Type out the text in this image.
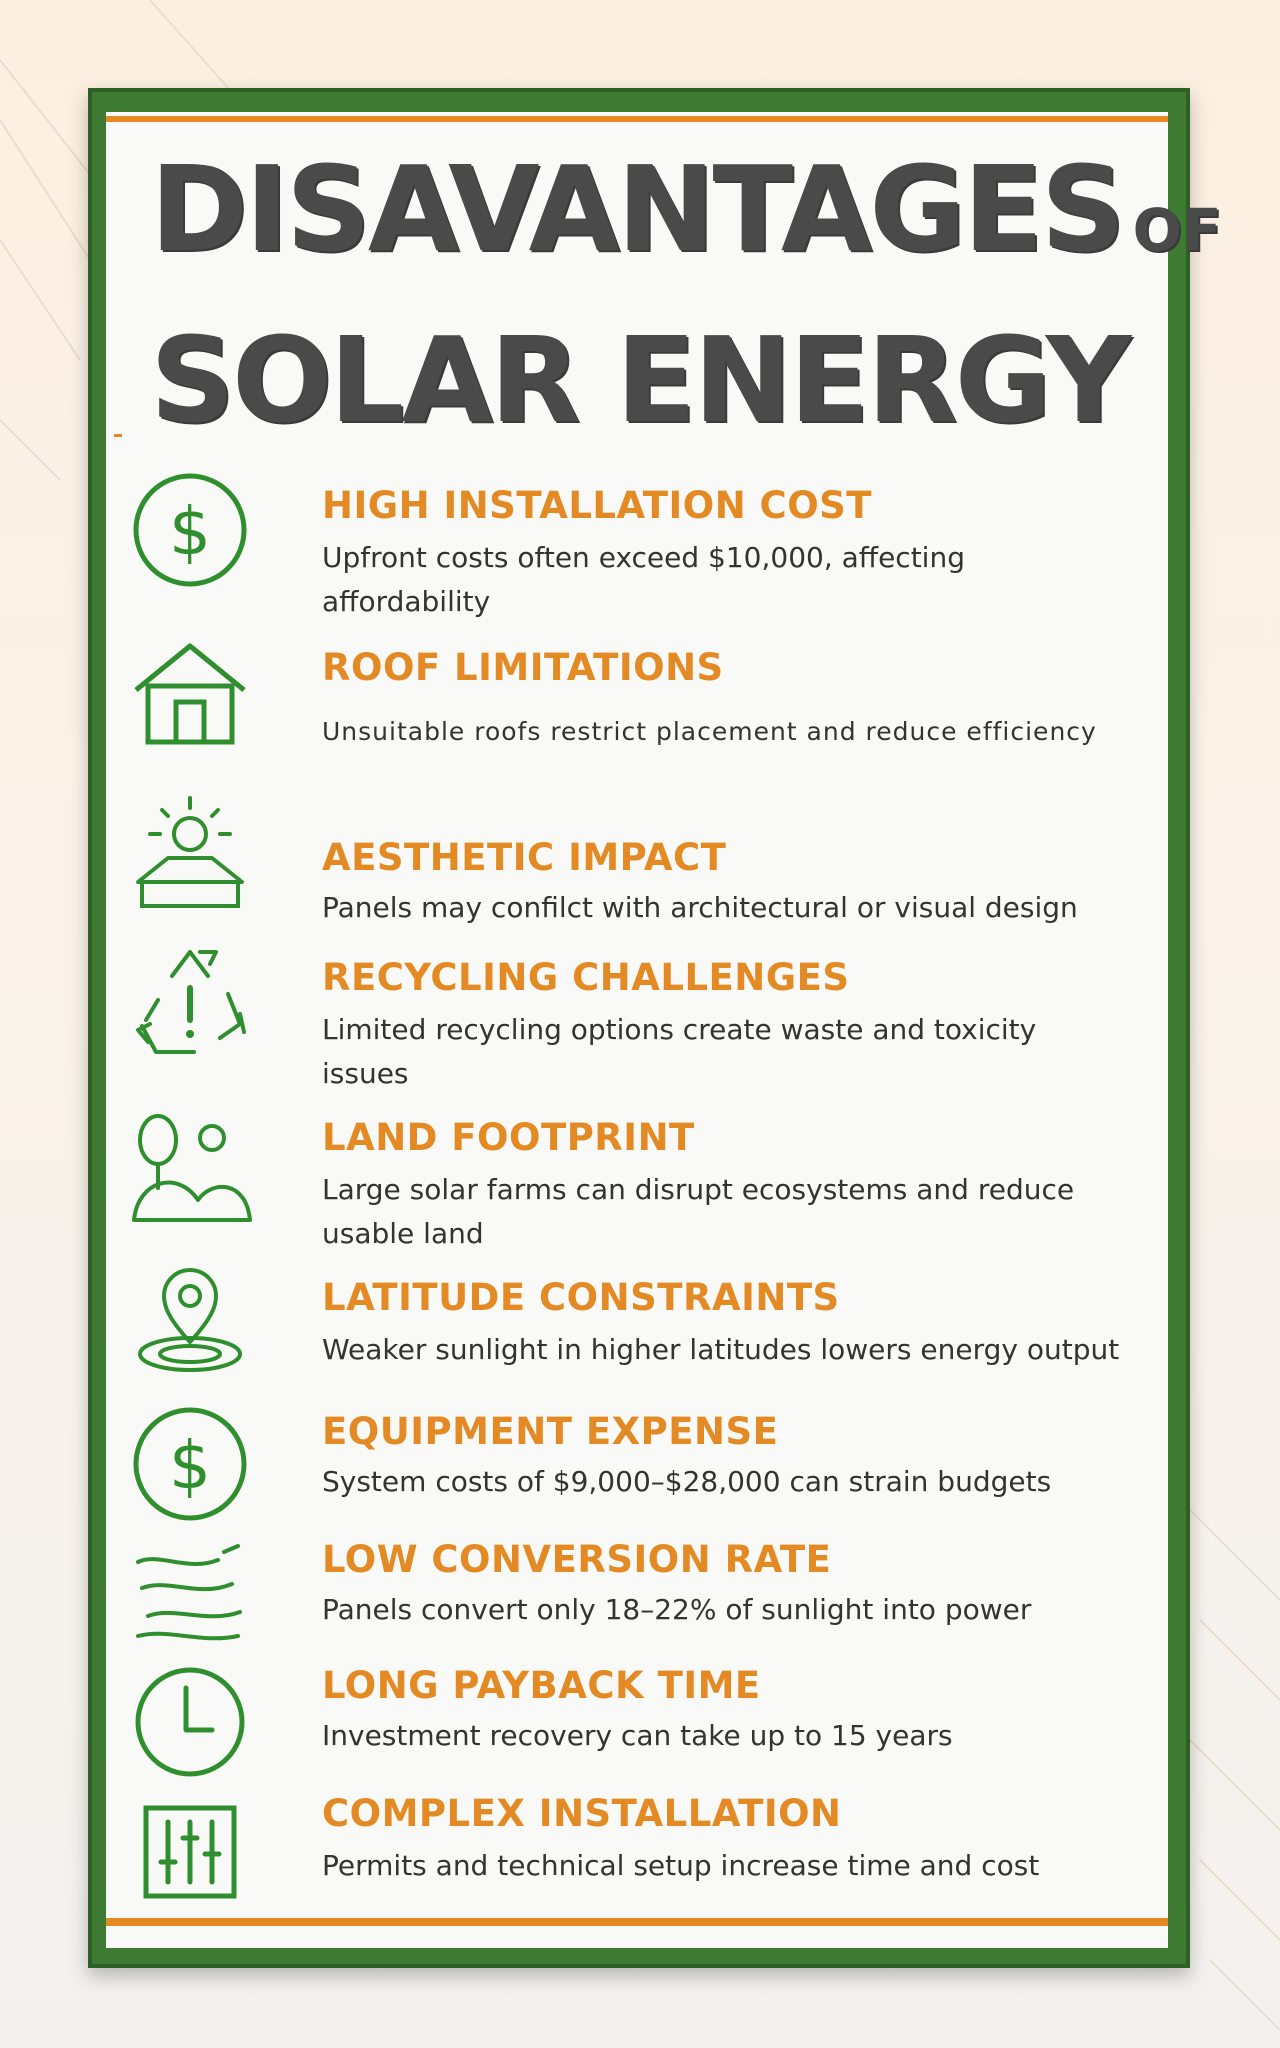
DISAVANTAGES OF
SOLAR ENERGY
$	HIGH INSTALLATION COST

Upfront costs often exceed $10,000, affecting affordability

ROOF LIMITATIONS

Unsuitable roofs restrict placement and reduce efficiency

AESTHETIC IMPACT

Panels may confilct with architectural or visual design

RECYCLING CHALLENGES

Limited recycling options create waste and toxicity issues

LAND FOOTPRINT

Large solar farms can disrupt ecosystems and reduce usable land

LATITUDE CONSTRAINTS

Weaker sunlight in higher latitudes lowers energy output

$	EQUIPMENT EXPENSE

System costs of $9,000–$28,000 can strain budgets

LOW CONVERSION RATE

Panels convert only 18–22% of sunlight into power

LONG PAYBACK TIME

Investment recovery can take up to 15 years

COMPLEX INSTALLATION

Permits and technical setup increase time and cost
